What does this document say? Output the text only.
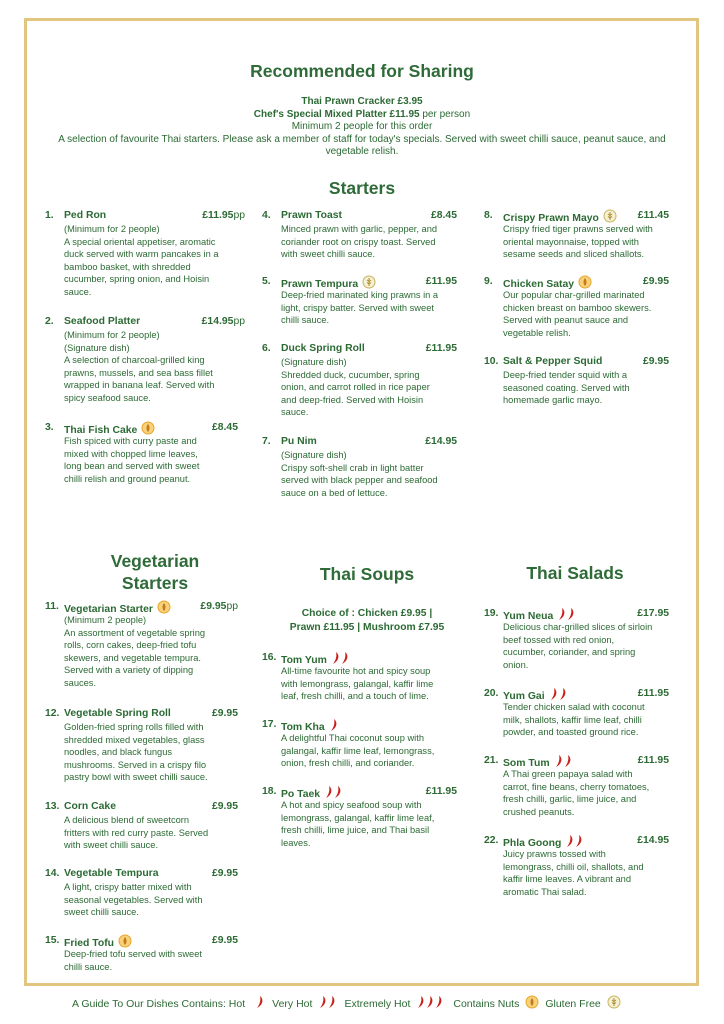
Recommended for Sharing
Thai Prawn Cracker £3.95
Chef's Special Mixed Platter £11.95 per person
Minimum 2 people for this order
A selection of favourite Thai starters. Please ask a member of staff for today's specials. Served with sweet chilli sauce, peanut sauce, and
vegetable relish.
Starters
Vegetarian
Starters	Thai Soups	Thai Salads
Choice of : Chicken £9.95 |
Prawn £11.95 | Mushroom £7.95
1. Ped Ron	£11.95pp
(Minimum for 2 people)
A special oriental appetiser, aromatic
duck served with warm pancakes in a
bamboo basket, with shredded
cucumber, spring onion, and Hoisin
sauce.
2. Seafood Platter	£14.95pp
(Minimum for 2 people)
(Signature dish)
A selection of charcoal-grilled king
prawns, mussels, and sea bass fillet
wrapped in banana leaf. Served with
spicy seafood sauce.
3. Thai Fish Cake	£8.45
Fish spiced with curry paste and
mixed with chopped lime leaves,
long bean and served with sweet
chilli relish and ground peanut.
4. Prawn Toast	£8.45
Minced prawn with garlic, pepper, and
coriander root on crispy toast. Served
with sweet chilli sauce.
5. Prawn Tempura	£11.95
Deep-fried marinated king prawns in a
light, crispy batter. Served with sweet
chilli sauce.
6. Duck Spring Roll	£11.95
(Signature dish)
Shredded duck, cucumber, spring
onion, and carrot rolled in rice paper
and deep-fried. Served with Hoisin
sauce.
7. Pu Nim	£14.95
(Signature dish)
Crispy soft-shell crab in light batter
served with black pepper and seafood
sauce on a bed of lettuce.
8. Crispy Prawn Mayo	£11.45
Crispy fried tiger prawns served with
oriental mayonnaise, topped with
sesame seeds and sliced shallots.
9. Chicken Satay	£9.95
Our popular char-grilled marinated
chicken breast on bamboo skewers.
Served with peanut sauce and
vegetable relish.
10. Salt & Pepper Squid	£9.95
Deep-fried tender squid with a
seasoned coating. Served with
homemade garlic mayo.
11. Vegetarian Starter	£9.95pp
(Minimum 2 people)
An assortment of vegetable spring
rolls, corn cakes, deep-fried tofu
skewers, and vegetable tempura.
Served with a variety of dipping
sauces.
12. Vegetable Spring Roll	£9.95
Golden-fried spring rolls filled with
shredded mixed vegetables, glass
noodles, and black fungus
mushrooms. Served in a crispy filo
pastry bowl with sweet chilli sauce.
13. Corn Cake	£9.95
A delicious blend of sweetcorn
fritters with red curry paste. Served
with sweet chilli sauce.
14. Vegetable Tempura	£9.95
A light, crispy batter mixed with
seasonal vegetables. Served with
sweet chilli sauce.
15. Fried Tofu	£9.95
Deep-fried tofu served with sweet
chilli sauce.
16. Tom Yum
All-time favourite hot and spicy soup
with lemongrass, galangal, kaffir lime
leaf, fresh chilli, and a touch of lime.
17. Tom Kha
A delightful Thai coconut soup with
galangal, kaffir lime leaf, lemongrass,
onion, fresh chilli, and coriander.
18. Po Taek	£11.95
A hot and spicy seafood soup with
lemongrass, galangal, kaffir lime leaf,
fresh chilli, lime juice, and Thai basil
leaves.
19. Yum Neua	£17.95
Delicious char-grilled slices of sirloin
beef tossed with red onion,
cucumber, coriander, and spring
onion.
20. Yum Gai	£11.95
Tender chicken salad with coconut
milk, shallots, kaffir lime leaf, chilli
powder, and toasted ground rice.
21. Som Tum	£11.95
A Thai green papaya salad with
carrot, fine beans, cherry tomatoes,
fresh chilli, garlic, lime juice, and
crushed peanuts.
22. Phla Goong	£14.95
Juicy prawns tossed with
lemongrass, chilli oil, shallots, and
kaffir lime leaves. A vibrant and
aromatic Thai salad.
A Guide To Our Dishes Contains: Hot	Very Hot	Extremely Hot	Contains Nuts Gluten Free
